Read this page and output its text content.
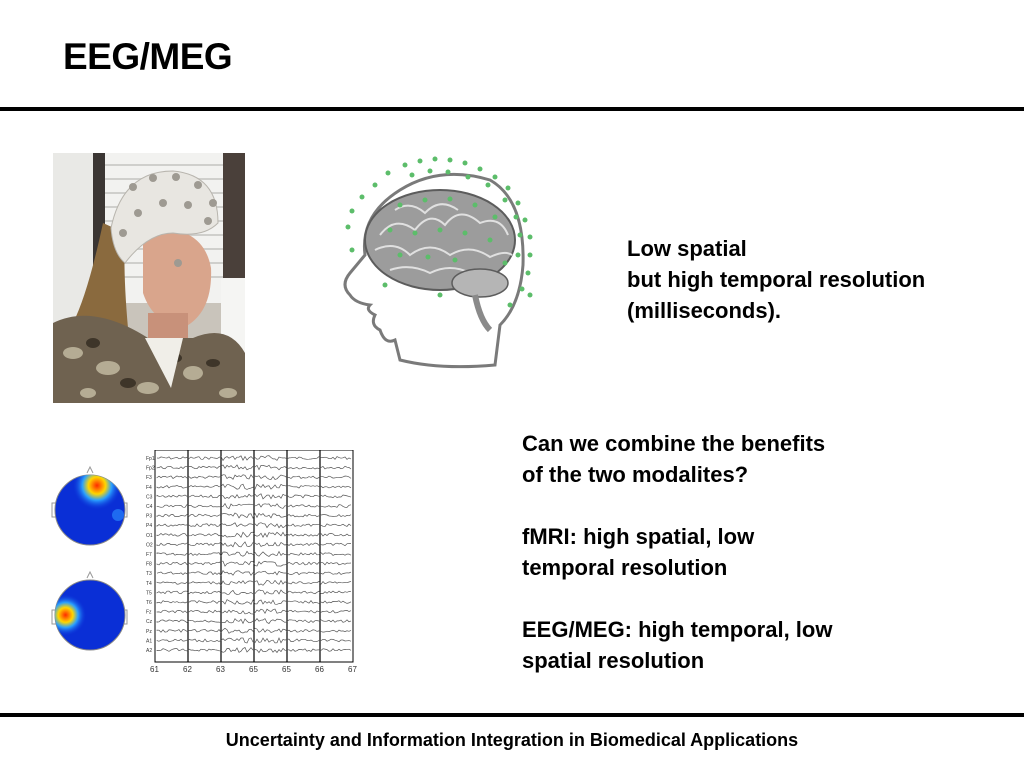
EEG/MEG
Low spatial
but high temporal resolution
(milliseconds).
Fp1
Fp2
F3
F4
C3
C4
P3
P4
O1
O2
F7
F8
T3
T4
T5
T6
Fz
Cz
Pz
A1
A2
61	62	63	65	65	66	67
Can we combine the benefits
of the two modalites?
fMRI: high spatial, low
temporal resolution
EEG/MEG: high temporal, low
spatial resolution
Uncertainty and Information Integration in Biomedical Applications
